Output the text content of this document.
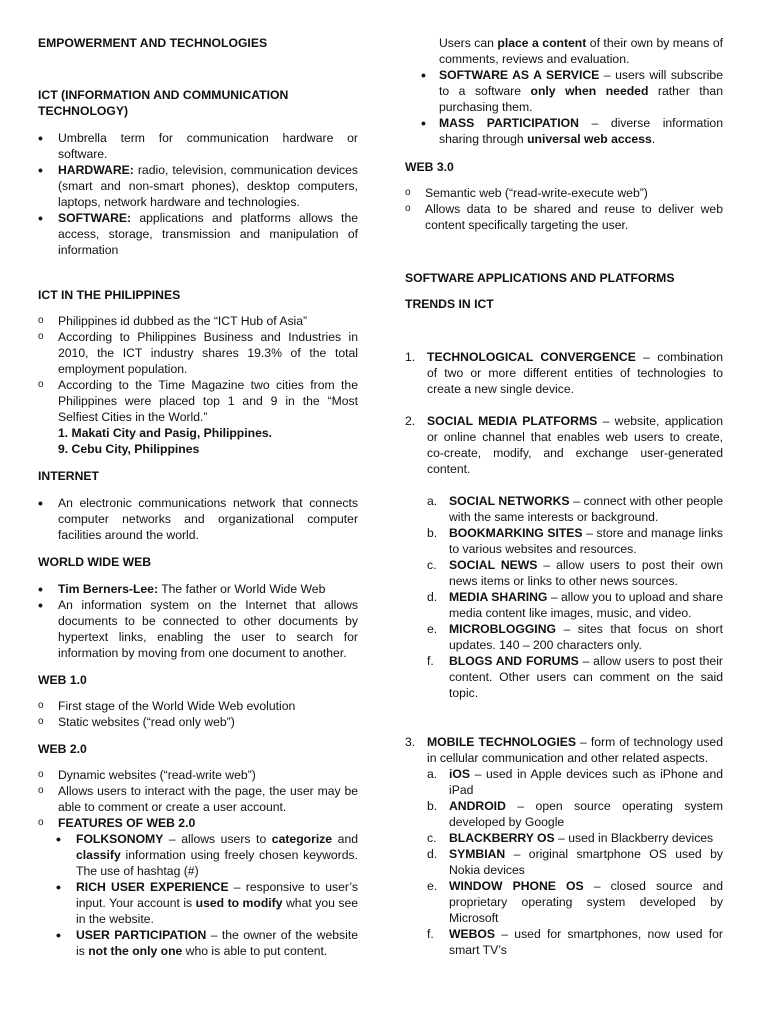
EMPOWERMENT AND TECHNOLOGIES
ICT (INFORMATION AND COMMUNICATION TECHNOLOGY)
•	Umbrella term for communication hardware or software.
•	HARDWARE: radio, television, communication devices (smart and non-smart phones), desktop computers, laptops, network hardware and technologies.
•	SOFTWARE: applications and platforms allows the access, storage, transmission and manipulation of information
ICT IN THE PHILIPPINES
o	Philippines id dubbed as the “ICT Hub of Asia”
o	According to Philippines Business and Industries in 2010, the ICT industry shares 19.3% of the total employment population.
o	According to the Time Magazine two cities from the Philippines were placed top 1 and 9 in the “Most Selfiest Cities in the World.”
1. Makati City and Pasig, Philippines.
9. Cebu City, Philippines
INTERNET
•	An electronic communications network that connects computer networks and organizational computer facilities around the world.
WORLD WIDE WEB
•	Tim Berners-Lee: The father or World Wide Web
•	An information system on the Internet that allows documents to be connected to other documents by hypertext links, enabling the user to search for information by moving from one document to another.
WEB 1.0
o	First stage of the World Wide Web evolution
o	Static websites (“read only web”)
WEB 2.0
o	Dynamic websites (“read-write web”)
o	Allows users to interact with the page, the user may be able to comment or create a user account.
o	FEATURES OF WEB 2.0
•	FOLKSONOMY – allows users to categorize and classify information using freely chosen keywords. The use of hashtag (#)
•	RICH USER EXPERIENCE – responsive to user’s input. Your account is used to modify what you see in the website.
•	USER PARTICIPATION – the owner of the website is not the only one who is able to put content.
Users can place a content of their own by means of comments, reviews and evaluation.
•	SOFTWARE AS A SERVICE – users will subscribe to a software only when needed rather than purchasing them.
•	MASS PARTICIPATION – diverse information sharing through universal web access.
WEB 3.0
o	Semantic web (“read-write-execute web”)
o	Allows data to be shared and reuse to deliver web content specifically targeting the user.
SOFTWARE APPLICATIONS AND PLATFORMS
TRENDS IN ICT
1. TECHNOLOGICAL CONVERGENCE – combination of two or more different entities of technologies to create a new single device.
2. SOCIAL MEDIA PLATFORMS – website, application or online channel that enables web users to create, co-create, modify, and exchange user-generated content.
a. SOCIAL NETWORKS – connect with other people with the same interests or background.
b. BOOKMARKING SITES – store and manage links to various websites and resources.
c.	SOCIAL NEWS – allow users to post their own news items or links to other news sources.
d. MEDIA SHARING – allow you to upload and share media content like images, music, and video.
e. MICROBLOGGING – sites that focus on short updates. 140 – 200 characters only.
f.	BLOGS AND FORUMS – allow users to post their content. Other users can comment on the said topic.
3. MOBILE TECHNOLOGIES – form of technology used in cellular communication and other related aspects.
a. iOS – used in Apple devices such as iPhone and iPad
b. ANDROID – open source operating system developed by Google
c.	BLACKBERRY OS – used in Blackberry devices
d. SYMBIAN – original smartphone OS used by Nokia devices
e. WINDOW PHONE OS – closed source and proprietary operating system developed by Microsoft
f.	WEBOS – used for smartphones, now used for smart TV’s
